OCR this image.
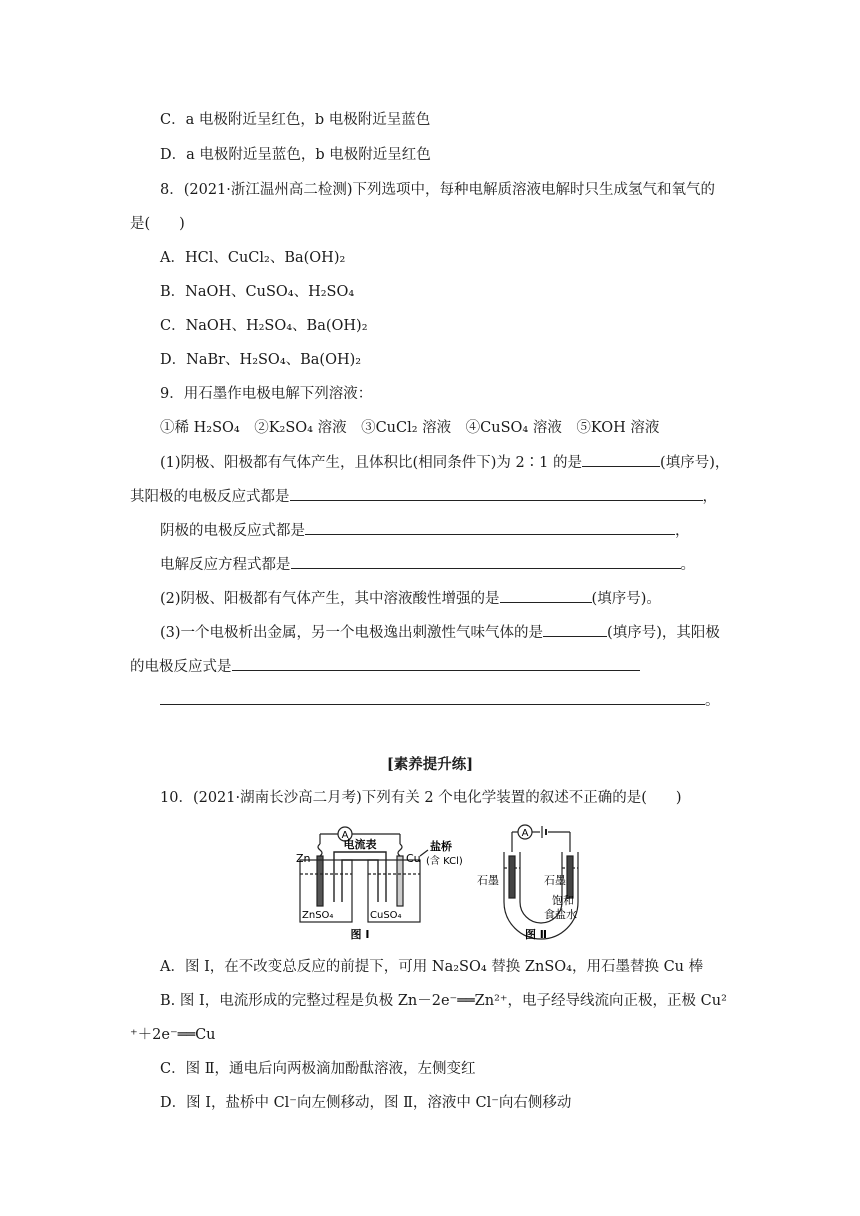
C．a 电极附近呈红色，b 电极附近呈蓝色
D．a 电极附近呈蓝色，b 电极附近呈红色
8．(2021·浙江温州高二检测)下列选项中，每种电解质溶液电解时只生成氢气和氧气的
是(　　)
A．HCl、CuCl₂、Ba(OH)₂
B．NaOH、CuSO₄、H₂SO₄
C．NaOH、H₂SO₄、Ba(OH)₂
D．NaBr、H₂SO₄、Ba(OH)₂
9．用石墨作电极电解下列溶液：
①稀 H₂SO₄　②K₂SO₄ 溶液　③CuCl₂ 溶液　④CuSO₄ 溶液　⑤KOH 溶液
(1)阴极、阳极都有气体产生，且体积比(相同条件下)为 2∶1 的是	(填序号)，
其阳极的电极反应式都是	，
阴极的电极反应式都是	，
电解反应方程式都是	。
(2)阴极、阳极都有气体产生，其中溶液酸性增强的是	(填序号)。
(3)一个电极析出金属，另一个电极逸出刺激性气味气体的是	(填序号)，其阳极
的电极反应式是
。
[素养提升练]
10．(2021·湖南长沙高二月考)下列有关 2 个电化学装置的叙述不正确的是(　　)
A
电流表
Zn	Cu
盐桥
(含 KCl)
ZnSO₄	CuSO₄
图 Ⅰ
A
石墨	石墨
饱和
食盐水
图 Ⅱ
A．图 Ⅰ，在不改变总反应的前提下，可用 Na₂SO₄ 替换 ZnSO₄，用石墨替换 Cu 棒
B. 图 Ⅰ，电流形成的完整过程是负极 Zn－2e⁻══Zn²⁺，电子经导线流向正极，正极 Cu²
⁺＋2e⁻══Cu
C．图 Ⅱ，通电后向两极滴加酚酞溶液，左侧变红
D．图 Ⅰ，盐桥中 Cl⁻向左侧移动，图 Ⅱ，溶液中 Cl⁻向右侧移动
